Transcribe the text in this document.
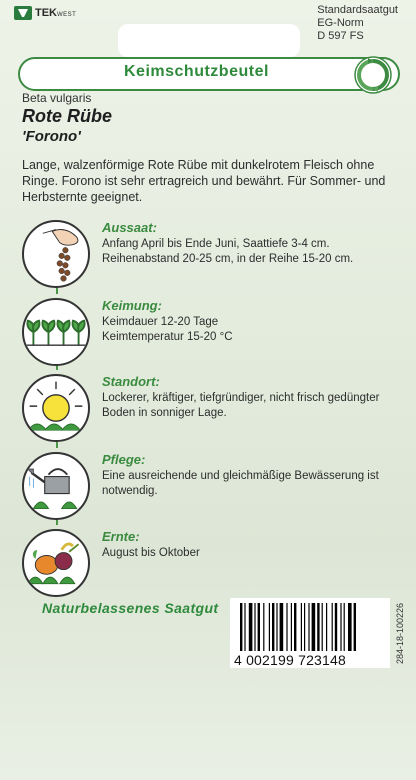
TEKWEST	Standardsaatgut
EG-Norm
D 597 FS
Keimschutzbeutel
Beta vulgaris
Rote Rübe
'Forono'
Lange, walzenförmige Rote Rübe mit dunkelrotem Fleisch ohne Ringe. Forono ist sehr ertragreich und bewährt. Für Sommer- und Herbsternte geeignet.
Aussaat:
Anfang April bis Ende Juni, Saattiefe 3-4 cm. Reihenabstand 20-25 cm, in der Reihe 15-20 cm.
Keimung:
Keimdauer 12-20 Tage
Keimtemperatur 15-20 °C
Standort:
Lockerer, kräftiger, tiefgründiger, nicht frisch gedüngter Boden in sonniger Lage.
Pflege:
Eine ausreichende und gleichmäßige Bewässerung ist notwendig.
Ernte:
August bis Oktober
Naturbelassenes Saatgut
4 002199 723148	284-18-100226
